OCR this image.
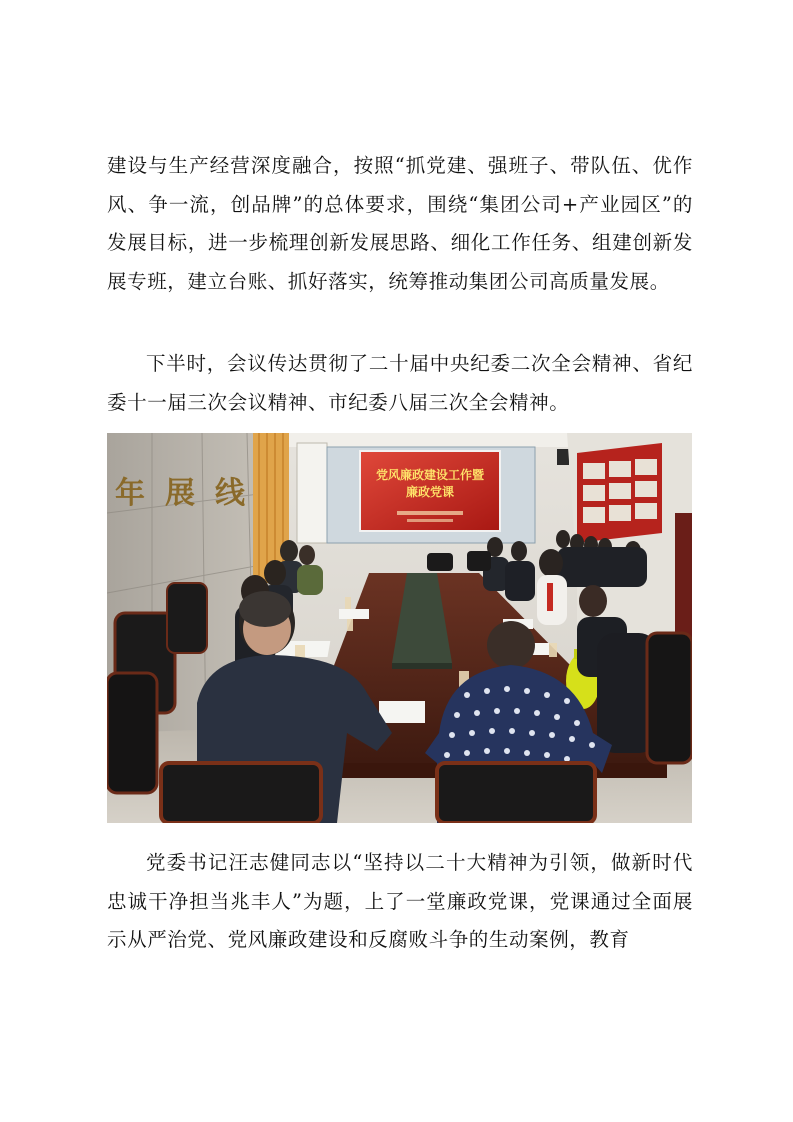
建设与生产经营深度融合，按照“抓党建、强班子、带队伍、优作风、争一流，创品牌”的总体要求，围绕“集团公司+产业园区”的发展目标，进一步梳理创新发展思路、细化工作任务、组建创新发展专班，建立台账、抓好落实，统筹推动集团公司高质量发展。

下半时，会议传达贯彻了二十届中央纪委二次全会精神、省纪委十一届三次会议精神、市纪委八届三次全会精神。

年 展 线
党风廉政建设工作暨
廉政党课

党委书记汪志健同志以“坚持以二十大精神为引领，做新时代忠诚干净担当兆丰人”为题，上了一堂廉政党课，党课通过全面展示从严治党、党风廉政建设和反腐败斗争的生动案例，教育
